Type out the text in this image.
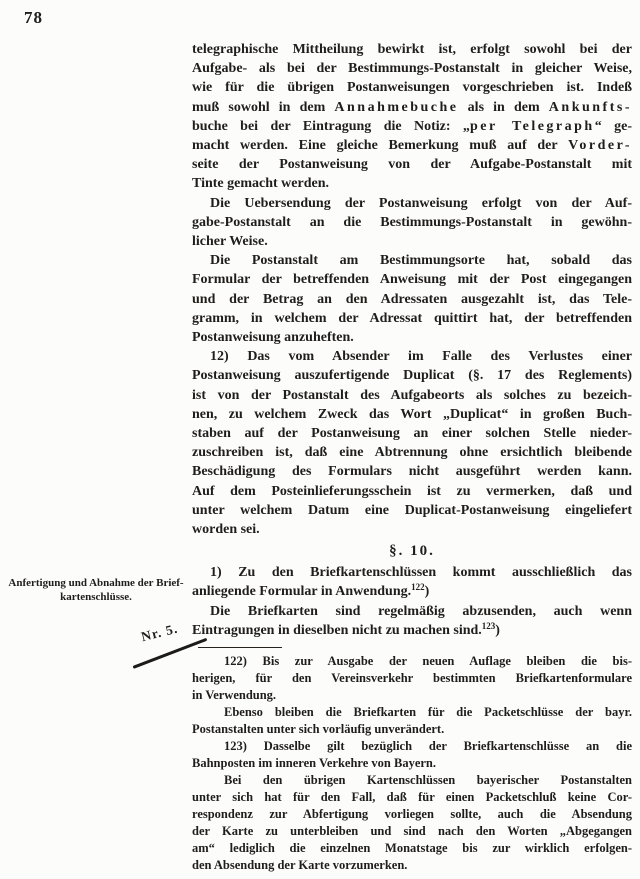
78
Anfertigung und Abnahme der Brief-
kartenschlüsse.
Nr. 5.
telegraphische Mittheilung bewirkt ist, erfolgt sowohl bei der
Aufgabe- als bei der Bestimmungs-Postanstalt in gleicher Weise,
wie für die übrigen Postanweisungen vorgeschrieben ist. Indeß
muß sowohl in dem Annahmebuche als in dem Ankunfts-
buche bei der Eintragung die Notiz: „per Telegraph“ ge-
macht werden. Eine gleiche Bemerkung muß auf der Vorder-
seite der Postanweisung von der Aufgabe-Postanstalt mit
Tinte gemacht werden.
Die Uebersendung der Postanweisung erfolgt von der Auf-
gabe-Postanstalt an die Bestimmungs-Postanstalt in gewöhn-
licher Weise.
Die Postanstalt am Bestimmungsorte hat, sobald das
Formular der betreffenden Anweisung mit der Post eingegangen
und der Betrag an den Adressaten ausgezahlt ist, das Tele-
gramm, in welchem der Adressat quittirt hat, der betreffenden
Postanweisung anzuheften.
12) Das vom Absender im Falle des Verlustes einer
Postanweisung auszufertigende Duplicat (§. 17 des Reglements)
ist von der Postanstalt des Aufgabeorts als solches zu bezeich-
nen, zu welchem Zweck das Wort „Duplicat“ in großen Buch-
staben auf der Postanweisung an einer solchen Stelle nieder-
zuschreiben ist, daß eine Abtrennung ohne ersichtlich bleibende
Beschädigung des Formulars nicht ausgeführt werden kann.
Auf dem Posteinlieferungsschein ist zu vermerken, daß und
unter welchem Datum eine Duplicat-Postanweisung eingeliefert
worden sei.
§. 10.
1) Zu den Briefkartenschlüssen kommt ausschließlich das
anliegende Formular in Anwendung.$^{122}$)
Die Briefkarten sind regelmäßig abzusenden, auch wenn
Eintragungen in dieselben nicht zu machen sind.$^{123}$)
122) Bis zur Ausgabe der neuen Auflage bleiben die bis-
herigen, für den Vereinsverkehr bestimmten Briefkartenformulare
in Verwendung.
Ebenso bleiben die Briefkarten für die Packetschlüsse der bayr.
Postanstalten unter sich vorläufig unverändert.
123) Dasselbe gilt bezüglich der Briefkartenschlüsse an die
Bahnposten im inneren Verkehre von Bayern.
Bei den übrigen Kartenschlüssen bayerischer Postanstalten
unter sich hat für den Fall, daß für einen Packetschluß keine Cor-
respondenz zur Abfertigung vorliegen sollte, auch die Absendung
der Karte zu unterbleiben und sind nach den Worten „Abgegangen
am“ lediglich die einzelnen Monatstage bis zur wirklich erfolgen-
den Absendung der Karte vorzumerken.
